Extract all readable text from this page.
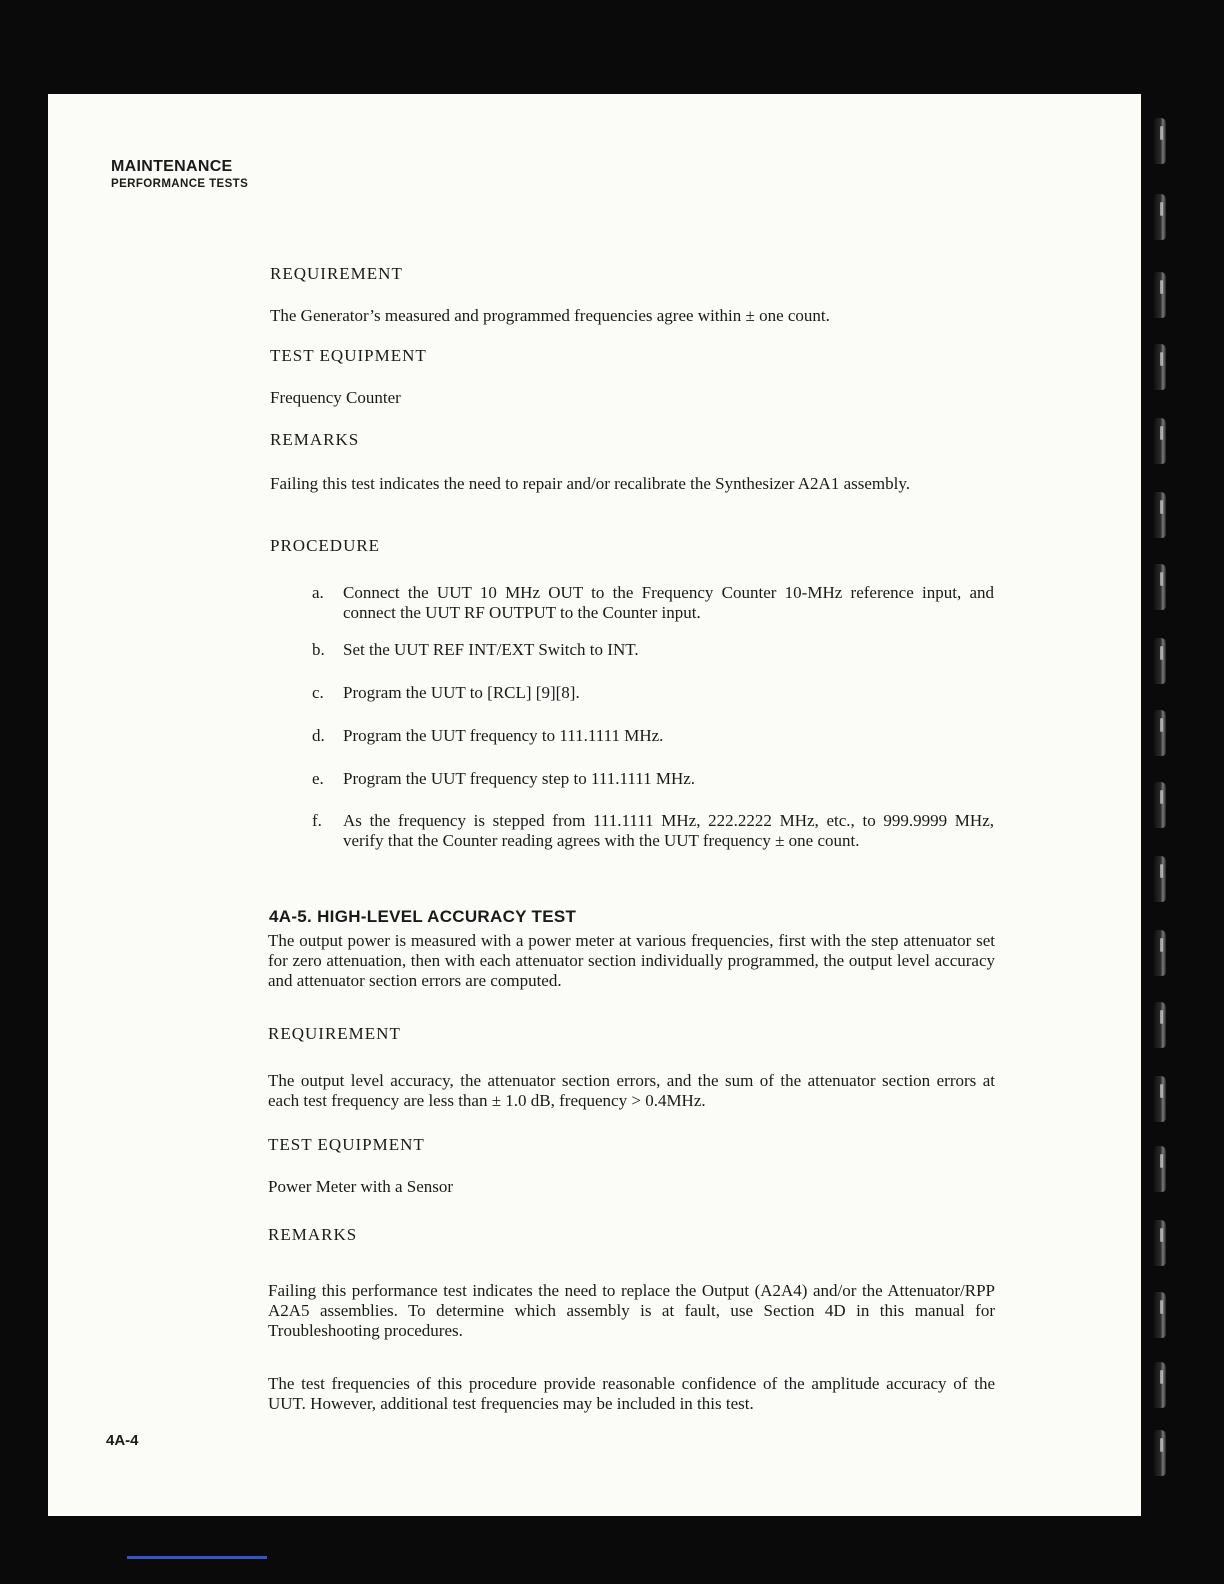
MAINTENANCE
PERFORMANCE TESTS

REQUIREMENT

The Generator’s measured and programmed frequencies agree within ± one count.

TEST EQUIPMENT

Frequency Counter

REMARKS

Failing this test indicates the need to repair and/or recalibrate the Synthesizer A2A1 assembly.

PROCEDURE

a. Connect the UUT 10 MHz OUT to the Frequency Counter 10-MHz reference input, and connect the UUT RF OUTPUT to the Counter input.

b. Set the UUT REF INT/EXT Switch to INT.

c. Program the UUT to [RCL] [9][8].

d. Program the UUT frequency to 111.1111 MHz.

e. Program the UUT frequency step to 111.1111 MHz.

f. As the frequency is stepped from 111.1111 MHz, 222.2222 MHz, etc., to 999.9999 MHz, verify that the Counter reading agrees with the UUT frequency ± one count.

4A-5. HIGH-LEVEL ACCURACY TEST

The output power is measured with a power meter at various frequencies, first with the step attenuator set for zero attenuation, then with each attenuator section individually programmed, the output level accuracy and attenuator section errors are computed.

REQUIREMENT

The output level accuracy, the attenuator section errors, and the sum of the attenuator section errors at each test frequency are less than ± 1.0 dB, frequency > 0.4MHz.

TEST EQUIPMENT

Power Meter with a Sensor

REMARKS

Failing this performance test indicates the need to replace the Output (A2A4) and/or the Attenuator/RPP A2A5 assemblies. To determine which assembly is at fault, use Section 4D in this manual for Troubleshooting procedures.

The test frequencies of this procedure provide reasonable confidence of the amplitude accuracy of the UUT. However, additional test frequencies may be included in this test.

4A-4
